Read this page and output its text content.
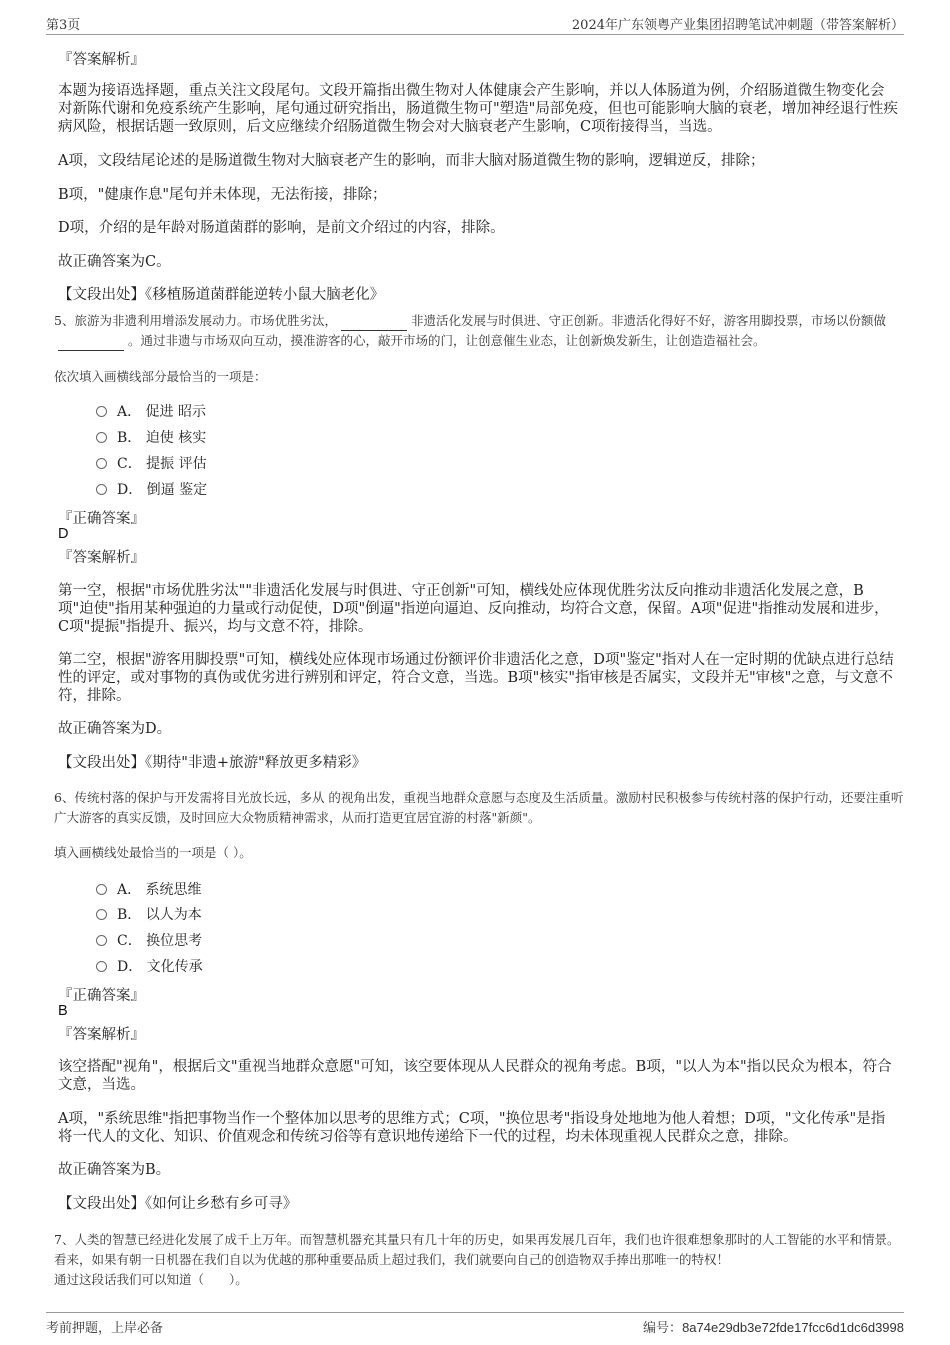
第3页	2024年广东领粤产业集团招聘笔试冲刺题（带答案解析）
『答案解析』
本题为接语选择题，重点关注文段尾句。文段开篇指出微生物对人体健康会产生影响，并以人体肠道为例，介绍肠道微生物变化会对新陈代谢和免疫系统产生影响，尾句通过研究指出，肠道微生物可"塑造"局部免疫，但也可能影响大脑的衰老，增加神经退行性疾病风险，根据话题一致原则，后文应继续介绍肠道微生物会对大脑衰老产生影响，C项衔接得当，当选。
A项，文段结尾论述的是肠道微生物对大脑衰老产生的影响，而非大脑对肠道微生物的影响，逻辑逆反，排除；
B项，"健康作息"尾句并未体现，无法衔接，排除；
D项，介绍的是年龄对肠道菌群的影响，是前文介绍过的内容，排除。
故正确答案为C。
【文段出处】《移植肠道菌群能逆转小鼠大脑老化》
5、旅游为非遗利用增添发展动力。市场优胜劣汰，	非遗活化发展与时俱进、守正创新。非遗活化得好不好，游客用脚投票，市场以份额做。通过非遗与市场双向互动，摸准游客的心，敲开市场的门，让创意催生业态，让创新焕发新生，让创造造福社会。
依次填入画横线部分最恰当的一项是：
A． 促进 昭示
B． 迫使 核实
C． 提振 评估
D． 倒逼 鉴定
『正确答案』
D
『答案解析』
第一空，根据"市场优胜劣汰""非遗活化发展与时俱进、守正创新"可知，横线处应体现优胜劣汰反向推动非遗活化发展之意，B项"迫使"指用某种强迫的力量或行动促使，D项"倒逼"指逆向逼迫、反向推动，均符合文意，保留。A项"促进"指推动发展和进步，C项"提振"指提升、振兴，均与文意不符，排除。
第二空，根据"游客用脚投票"可知，横线处应体现市场通过份额评价非遗活化之意，D项"鉴定"指对人在一定时期的优缺点进行总结性的评定，或对事物的真伪或优劣进行辨别和评定，符合文意，当选。B项"核实"指审核是否属实，文段并无"审核"之意，与文意不符，排除。
故正确答案为D。
【文段出处】《期待"非遗+旅游"释放更多精彩》
6、传统村落的保护与开发需将目光放长远，多从 的视角出发，重视当地群众意愿与态度及生活质量。激励村民积极参与传统村落的保护行动，还要注重听广大游客的真实反馈，及时回应大众物质精神需求，从而打造更宜居宜游的村落"新颜"。
填入画横线处最恰当的一项是（ ）。
A． 系统思维
B． 以人为本
C． 换位思考
D． 文化传承
『正确答案』
B
『答案解析』
该空搭配"视角"，根据后文"重视当地群众意愿"可知，该空要体现从人民群众的视角考虑。B项，"以人为本"指以民众为根本，符合文意，当选。
A项，"系统思维"指把事物当作一个整体加以思考的思维方式；C项，"换位思考"指设身处地地为他人着想；D项，"文化传承"是指将一代人的文化、知识、价值观念和传统习俗等有意识地传递给下一代的过程，均未体现重视人民群众之意，排除。
故正确答案为B。
【文段出处】《如何让乡愁有乡可寻》
7、人类的智慧已经进化发展了成千上万年。而智慧机器充其量只有几十年的历史，如果再发展几百年，我们也许很难想象那时的人工智能的水平和情景。看来，如果有朝一日机器在我们自以为优越的那种重要品质上超过我们，我们就要向自己的创造物双手捧出那唯一的特权！
通过这段话我们可以知道（　　）。
考前押题，上岸必备	编号：8a74e29db3e72fde17fcc6d1dc6d3998
